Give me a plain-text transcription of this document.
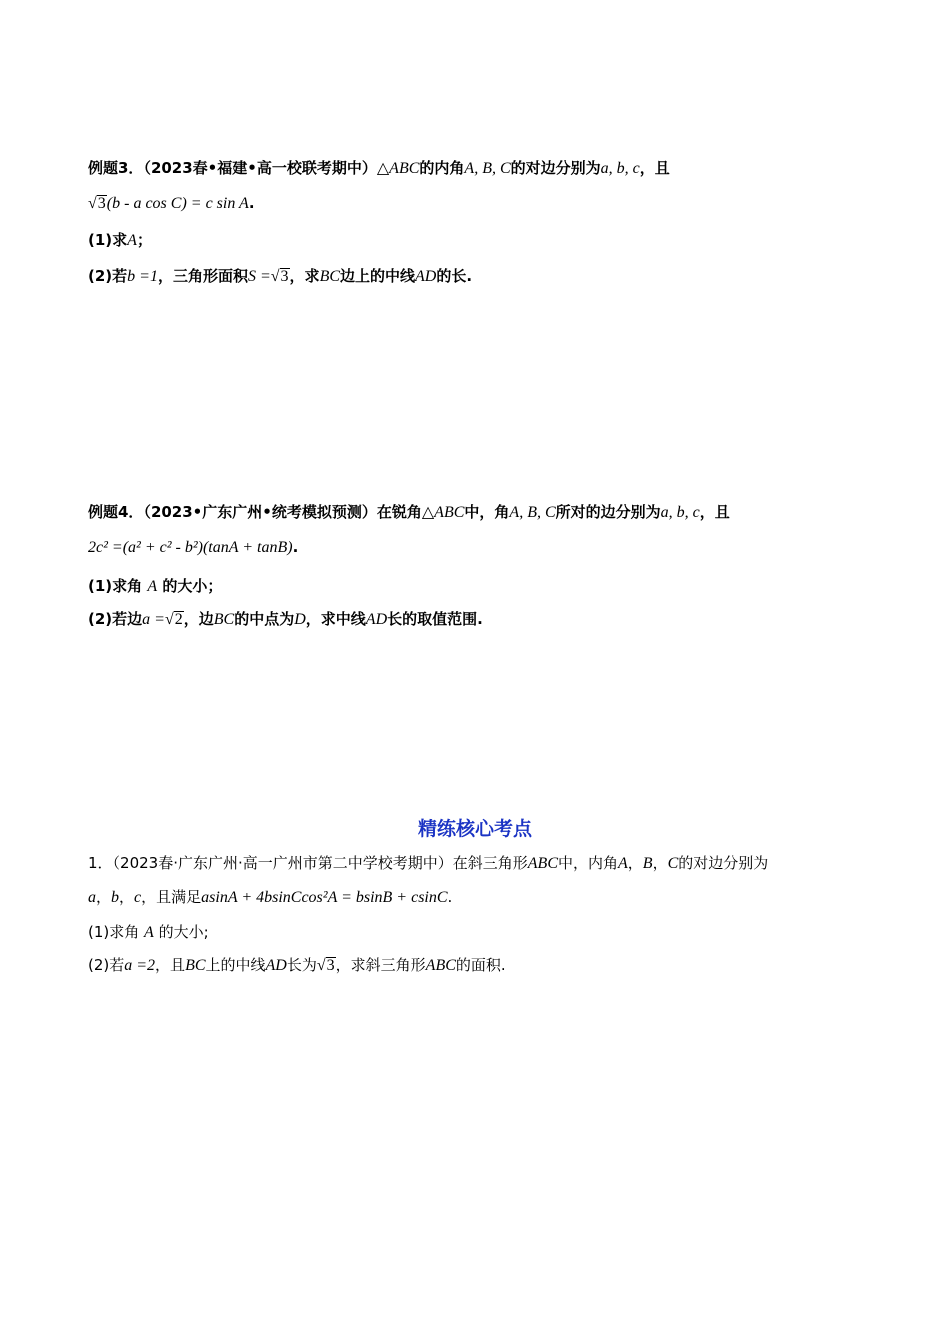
例题3．（2023春•福建•高一校联考期中）△ABC的内角A, B, C的对边分别为a, b, c，且
√3(b - a cos C) = c sin A.
(1)求A；
(2)若b =1，三角形面积S =√3，求BC边上的中线AD的长.
例题4．（2023•广东广州•统考模拟预测）在锐角△ABC中，角A, B, C所对的边分别为a, b, c，且
2c² =(a² + c² - b²)(tanA + tanB).
(1)求角 A 的大小；
(2)若边a =√2，边BC的中点为D，求中线AD长的取值范围.
精练核心考点
1．（2023春·广东广州·高一广州市第二中学校考期中）在斜三角形ABC中，内角A，B，C的对边分别为
a，b，c，且满足asinA + 4bsinCcos²A = bsinB + csinC.
(1)求角 A 的大小;
(2)若a =2，且BC上的中线AD长为√3，求斜三角形ABC的面积.
